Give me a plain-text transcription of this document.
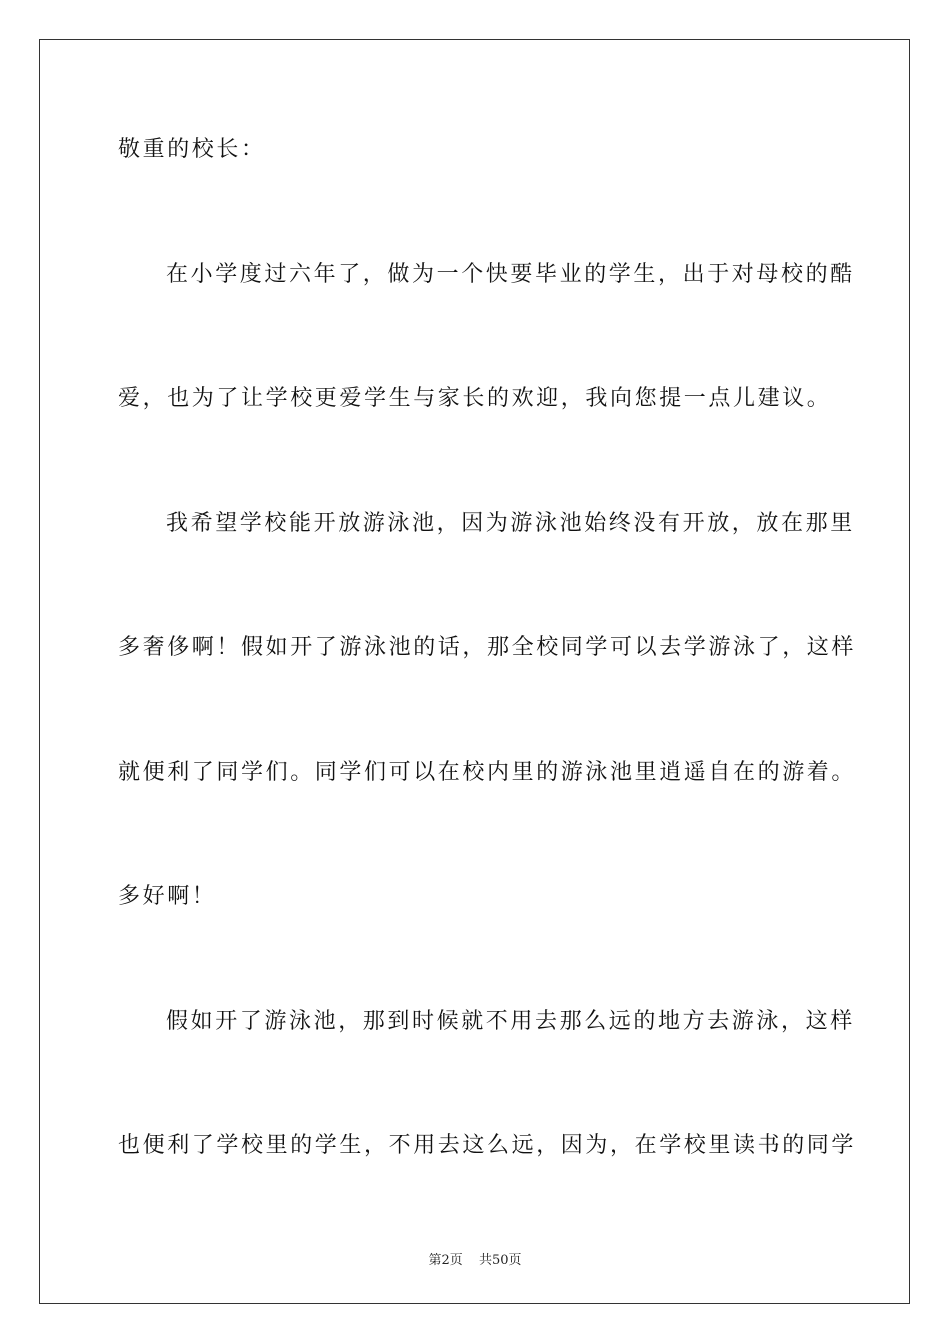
敬重的校长：
在小学度过六年了，做为一个快要毕业的学生，出于对母校的酷
爱，也为了让学校更爱学生与家长的欢迎，我向您提一点儿建议。
我希望学校能开放游泳池，因为游泳池始终没有开放，放在那里
多奢侈啊！假如开了游泳池的话，那全校同学可以去学游泳了，这样
就便利了同学们。同学们可以在校内里的游泳池里逍遥自在的游着。
多好啊！
假如开了游泳池，那到时候就不用去那么远的地方去游泳，这样
也便利了学校里的学生，不用去这么远，因为，在学校里读书的同学
第2页 共50页
